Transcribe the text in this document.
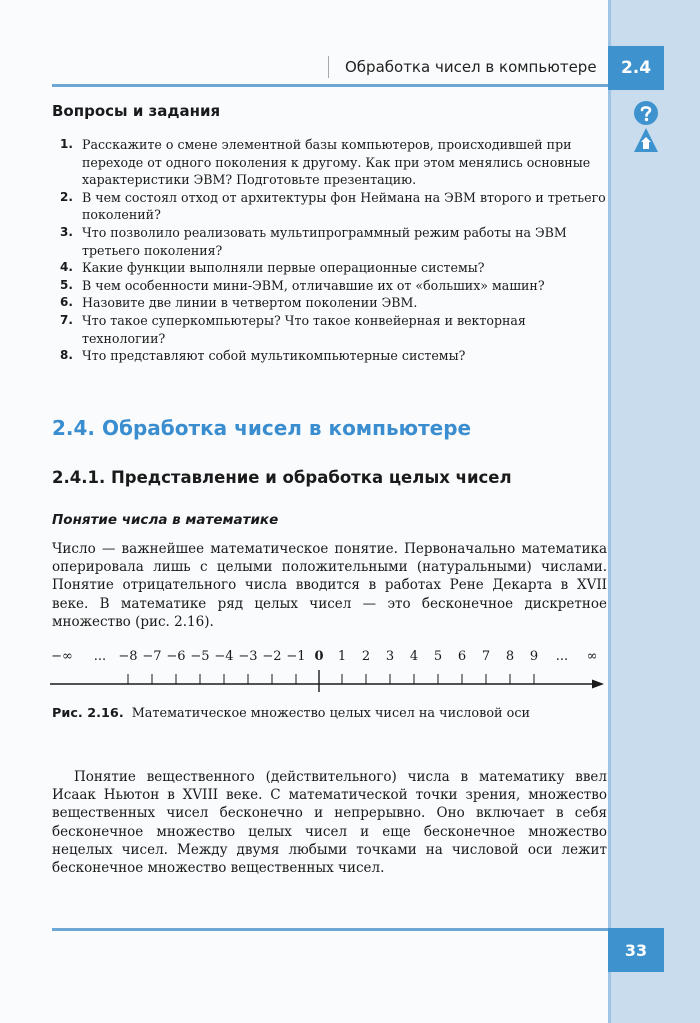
Обработка чисел в компьютере	2.4
Вопросы и задания
1. Расскажите о смене элементной базы компьютеров, происходившей при переходе от одного поколения к другому. Как при этом менялись основные характеристики ЭВМ? Подготовьте презентацию.
2. В чем состоял отход от архитектуры фон Неймана на ЭВМ второго и третьего поколений?
3. Что позволило реализовать мультипрограммный режим работы на ЭВМ третьего поколения?
4. Какие функции выполняли первые операционные системы?
5. В чем особенности мини-ЭВМ, отличавшие их от «больших» машин?
6. Назовите две линии в четвертом поколении ЭВМ.
7. Что такое суперкомпьютеры? Что такое конвейерная и векторная технологии?
8. Что представляют собой мультикомпьютерные системы?
2.4. Обработка чисел в компьютере
2.4.1. Представление и обработка целых чисел
Понятие числа в математике

Число — важнейшее математическое понятие. Первоначально математика оперировала лишь с целыми положительными (натуральными) числами. Понятие отрицательного числа вводится в работах Рене Декарта в XVII веке. В математике ряд целых чисел — это бесконечное дискретное множество (рис. 2.16).

−∞ ... −8 −7 −6 −5 −4 −3 −2 −1 0 1 2 3 4 5 6 7 8 9 ... ∞
Рис. 2.16. Математическое множество целых чисел на числовой оси

Понятие вещественного (действительного) числа в математику ввел Исаак Ньютон в XVIII веке. С математической точки зрения, множество вещественных чисел бесконечно и непрерывно. Оно включает в себя бесконечное множество целых чисел и еще бесконечное множество нецелых чисел. Между двумя любыми точками на числовой оси лежит бесконечное множество вещественных чисел.

33
